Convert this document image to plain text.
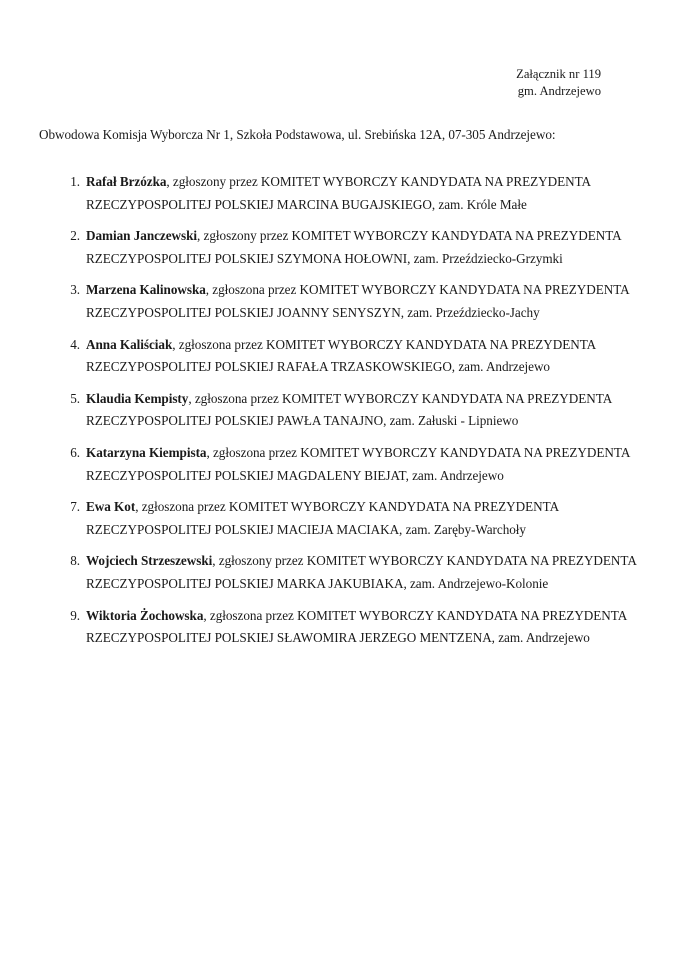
Załącznik nr 119
gm. Andrzejewo
Obwodowa Komisja Wyborcza Nr 1, Szkoła Podstawowa, ul. Srebińska 12A, 07-305 Andrzejewo:
1. Rafał Brzózka, zgłoszony przez KOMITET WYBORCZY KANDYDATA NA PREZYDENTA RZECZYPOSPOLITEJ POLSKIEJ MARCINA BUGAJSKIEGO, zam. Króle Małe
2. Damian Janczewski, zgłoszony przez KOMITET WYBORCZY KANDYDATA NA PREZYDENTA RZECZYPOSPOLITEJ POLSKIEJ SZYMONA HOŁOWNI, zam. Przeździecko-Grzymki
3. Marzena Kalinowska, zgłoszona przez KOMITET WYBORCZY KANDYDATA NA PREZYDENTA RZECZYPOSPOLITEJ POLSKIEJ JOANNY SENYSZYN, zam. Przeździecko-Jachy
4. Anna Kaliściak, zgłoszona przez KOMITET WYBORCZY KANDYDATA NA PREZYDENTA RZECZYPOSPOLITEJ POLSKIEJ RAFAŁA TRZASKOWSKIEGO, zam. Andrzejewo
5. Klaudia Kempisty, zgłoszona przez KOMITET WYBORCZY KANDYDATA NA PREZYDENTA RZECZYPOSPOLITEJ POLSKIEJ PAWŁA TANAJNO, zam. Załuski - Lipniewo
6. Katarzyna Kiempista, zgłoszona przez KOMITET WYBORCZY KANDYDATA NA PREZYDENTA RZECZYPOSPOLITEJ POLSKIEJ MAGDALENY BIEJAT, zam. Andrzejewo
7. Ewa Kot, zgłoszona przez KOMITET WYBORCZY KANDYDATA NA PREZYDENTA RZECZYPOSPOLITEJ POLSKIEJ MACIEJA MACIAKA, zam. Zaręby-Warchoły
8. Wojciech Strzeszewski, zgłoszony przez KOMITET WYBORCZY KANDYDATA NA PREZYDENTA RZECZYPOSPOLITEJ POLSKIEJ MARKA JAKUBIAKA, zam. Andrzejewo-Kolonie
9. Wiktoria Żochowska, zgłoszona przez KOMITET WYBORCZY KANDYDATA NA PREZYDENTA RZECZYPOSPOLITEJ POLSKIEJ SŁAWOMIRA JERZEGO MENTZENA, zam. Andrzejewo
